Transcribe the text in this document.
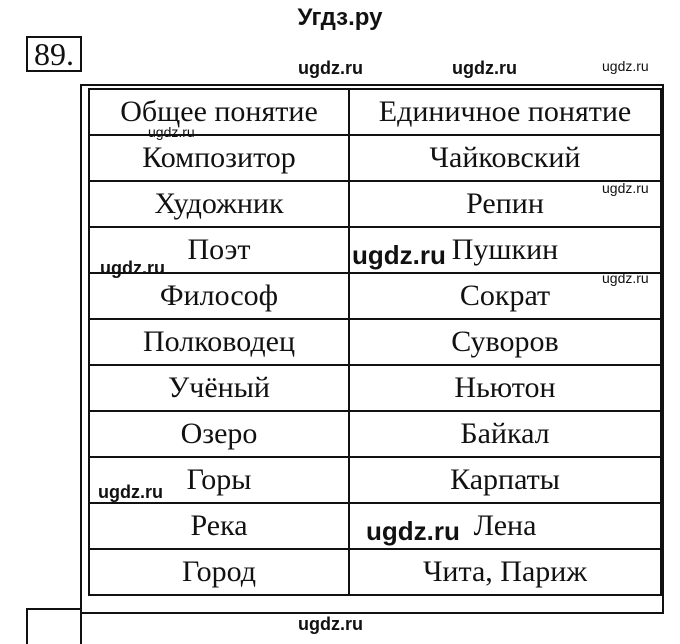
Угдз.ру
89.
Общее понятие	Единичное понятие
Композитор	Чайковский
Художник	Репин
Поэт	Пушкин
Философ	Сократ
Полководец	Суворов
Учёный	Ньютон
Озеро	Байкал
Горы	Карпаты
Река	Лена
Город	Чита, Париж
ugdz.ru	ugdz.ru	ugdz.ru
ugdz.ru
ugdz.ru
ugdz.ru
ugdz.ru	ugdz.ru
ugdz.ru
ugdz.ru
ugdz.ru
